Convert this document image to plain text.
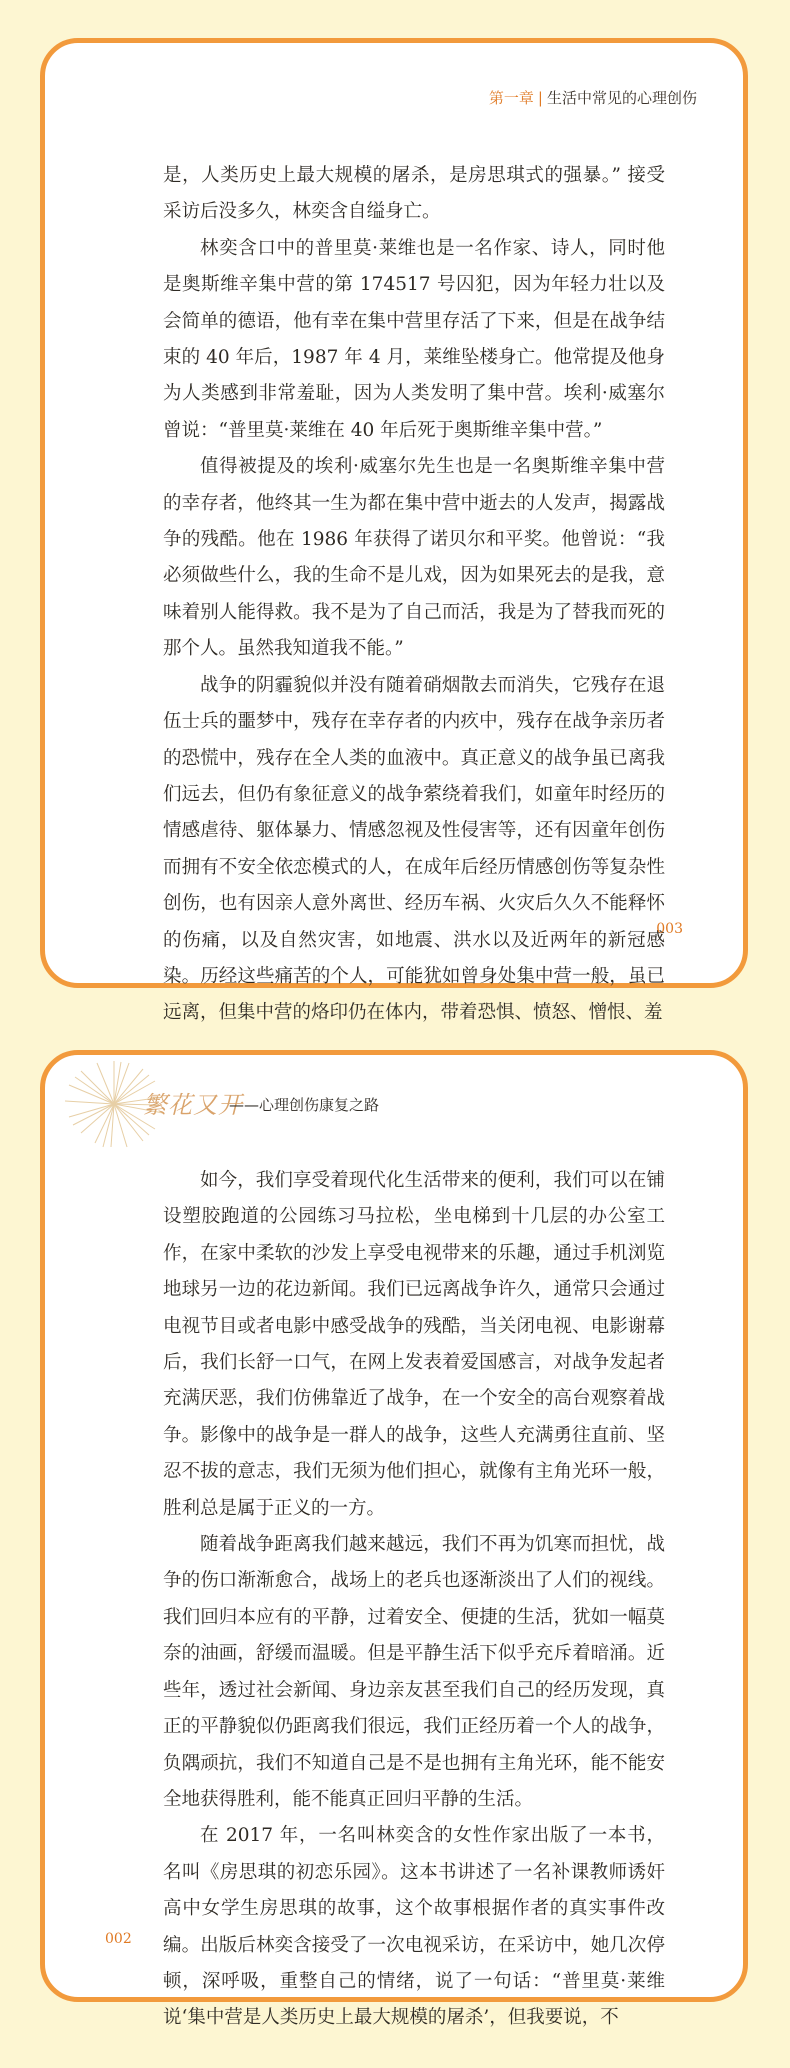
第一章 | 生活中常见的心理创伤

是，人类历史上最大规模的屠杀，是房思琪式的强暴。” 接受采访后没多久，林奕含自缢身亡。

林奕含口中的普里莫·莱维也是一名作家、诗人，同时他是奥斯维辛集中营的第 174517 号囚犯，因为年轻力壮以及会简单的德语，他有幸在集中营里存活了下来，但是在战争结束的 40 年后，1987 年 4 月，莱维坠楼身亡。他常提及他身为人类感到非常羞耻，因为人类发明了集中营。埃利·威塞尔曾说：“普里莫·莱维在 40 年后死于奥斯维辛集中营。”

值得被提及的埃利·威塞尔先生也是一名奥斯维辛集中营的幸存者，他终其一生为都在集中营中逝去的人发声，揭露战争的残酷。他在 1986 年获得了诺贝尔和平奖。他曾说：“我必须做些什么，我的生命不是儿戏，因为如果死去的是我，意味着别人能得救。我不是为了自己而活，我是为了替我而死的那个人。虽然我知道我不能。”

战争的阴霾貌似并没有随着硝烟散去而消失，它残存在退伍士兵的噩梦中，残存在幸存者的内疚中，残存在战争亲历者的恐慌中，残存在全人类的血液中。真正意义的战争虽已离我们远去，但仍有象征意义的战争萦绕着我们，如童年时经历的情感虐待、躯体暴力、情感忽视及性侵害等，还有因童年创伤而拥有不安全依恋模式的人，在成年后经历情感创伤等复杂性创伤，也有因亲人意外离世、经历车祸、火灾后久久不能释怀的伤痛，以及自然灾害，如地震、洪水以及近两年的新冠感染。历经这些痛苦的个人，可能犹如曾身处集中营一般，虽已远离，但集中营的烙印仍在体内，带着恐惧、愤怒、憎恨、羞

003
繁花又开
——心理创伤康复之路

如今，我们享受着现代化生活带来的便利，我们可以在铺设塑胶跑道的公园练习马拉松，坐电梯到十几层的办公室工作，在家中柔软的沙发上享受电视带来的乐趣，通过手机浏览地球另一边的花边新闻。我们已远离战争许久，通常只会通过电视节目或者电影中感受战争的残酷，当关闭电视、电影谢幕后，我们长舒一口气，在网上发表着爱国感言，对战争发起者充满厌恶，我们仿佛靠近了战争，在一个安全的高台观察着战争。影像中的战争是一群人的战争，这些人充满勇往直前、坚忍不拔的意志，我们无须为他们担心，就像有主角光环一般，胜利总是属于正义的一方。

随着战争距离我们越来越远，我们不再为饥寒而担忧，战争的伤口渐渐愈合，战场上的老兵也逐渐淡出了人们的视线。我们回归本应有的平静，过着安全、便捷的生活，犹如一幅莫奈的油画，舒缓而温暖。但是平静生活下似乎充斥着暗涌。近些年，透过社会新闻、身边亲友甚至我们自己的经历发现，真正的平静貌似仍距离我们很远，我们正经历着一个人的战争，负隅顽抗，我们不知道自己是不是也拥有主角光环，能不能安全地获得胜利，能不能真正回归平静的生活。

在 2017 年，一名叫林奕含的女性作家出版了一本书，名叫《房思琪的初恋乐园》。这本书讲述了一名补课教师诱奸高中女学生房思琪的故事，这个故事根据作者的真实事件改编。出版后林奕含接受了一次电视采访，在采访中，她几次停顿，深呼吸，重整自己的情绪，说了一句话：“普里莫·莱维说‘集中营是人类历史上最大规模的屠杀’，但我要说，不

002
